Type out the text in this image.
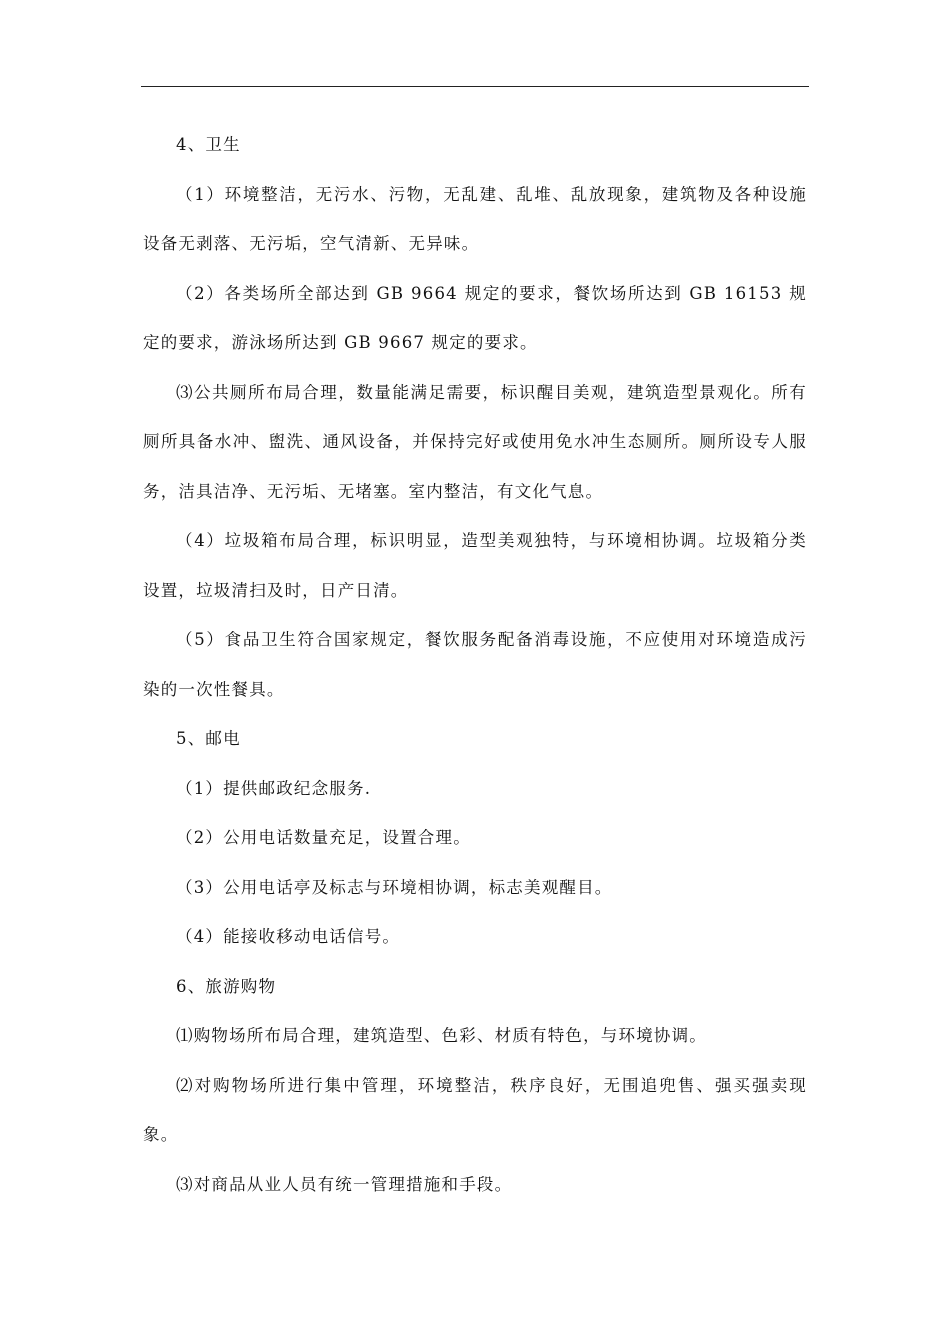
4、卫生

（1）环境整洁，无污水、污物，无乱建、乱堆、乱放现象，建筑物及各种设施设备无剥落、无污垢，空气清新、无异味。

（2）各类场所全部达到 GB 9664 规定的要求，餐饮场所达到 GB 16153 规定的要求，游泳场所达到 GB 9667 规定的要求。

⑶公共厕所布局合理，数量能满足需要，标识醒目美观，建筑造型景观化。所有厕所具备水冲、盥洗、通风设备，并保持完好或使用免水冲生态厕所。厕所设专人服务，洁具洁净、无污垢、无堵塞。室内整洁，有文化气息。

（4）垃圾箱布局合理，标识明显，造型美观独特，与环境相协调。垃圾箱分类设置，垃圾清扫及时，日产日清。

（5）食品卫生符合国家规定，餐饮服务配备消毒设施，不应使用对环境造成污染的一次性餐具。

5、邮电

（1）提供邮政纪念服务.

（2）公用电话数量充足，设置合理。

（3）公用电话亭及标志与环境相协调，标志美观醒目。

（4）能接收移动电话信号。

6、旅游购物

⑴购物场所布局合理，建筑造型、色彩、材质有特色，与环境协调。

⑵对购物场所进行集中管理，环境整洁，秩序良好，无围追兜售、强买强卖现象。

⑶对商品从业人员有统一管理措施和手段。
